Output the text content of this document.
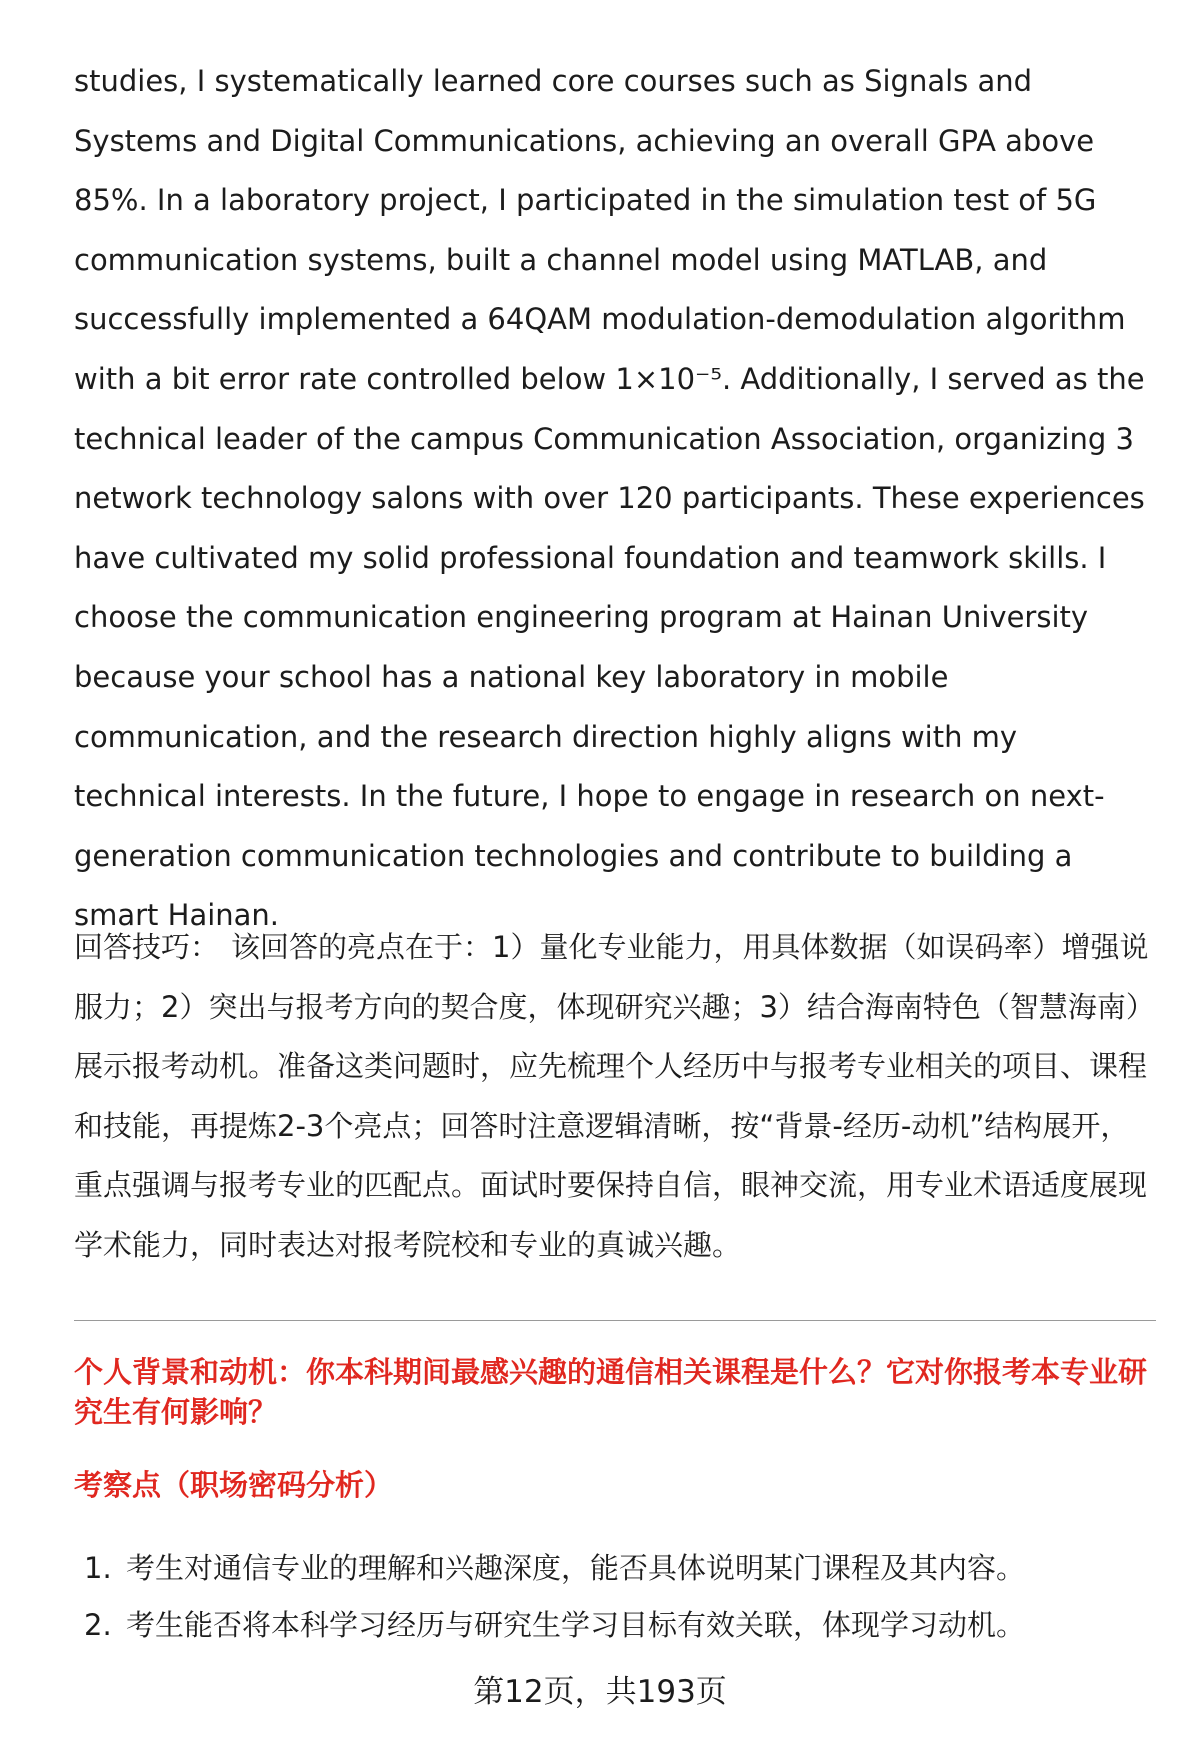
studies, I systematically learned core courses such as Signals and Systems and Digital Communications, achieving an overall GPA above 85%. In a laboratory project, I participated in the simulation test of 5G communication systems, built a channel model using MATLAB, and successfully implemented a 64QAM modulation-demodulation algorithm with a bit error rate controlled below 1×10⁻⁵. Additionally, I served as the technical leader of the campus Communication Association, organizing 3 network technology salons with over 120 participants. These experiences have cultivated my solid professional foundation and teamwork skills. I choose the communication engineering program at Hainan University because your school has a national key laboratory in mobile communication, and the research direction highly aligns with my technical interests. In the future, I hope to engage in research on next-generation communication technologies and contribute to building a smart Hainan.

回答技巧： 该回答的亮点在于：1）量化专业能力，用具体数据（如误码率）增强说服力；2）突出与报考方向的契合度，体现研究兴趣；3）结合海南特色（智慧海南）展示报考动机。准备这类问题时，应先梳理个人经历中与报考专业相关的项目、课程和技能，再提炼2-3个亮点；回答时注意逻辑清晰，按“背景-经历-动机”结构展开，重点强调与报考专业的匹配点。面试时要保持自信，眼神交流，用专业术语适度展现学术能力，同时表达对报考院校和专业的真诚兴趣。

个人背景和动机：你本科期间最感兴趣的通信相关课程是什么？它对你报考本专业研究生有何影响？

考察点（职场密码分析）

1. 考生对通信专业的理解和兴趣深度，能否具体说明某门课程及其内容。
2. 考生能否将本科学习经历与研究生学习目标有效关联，体现学习动机。
第12页，共193页
